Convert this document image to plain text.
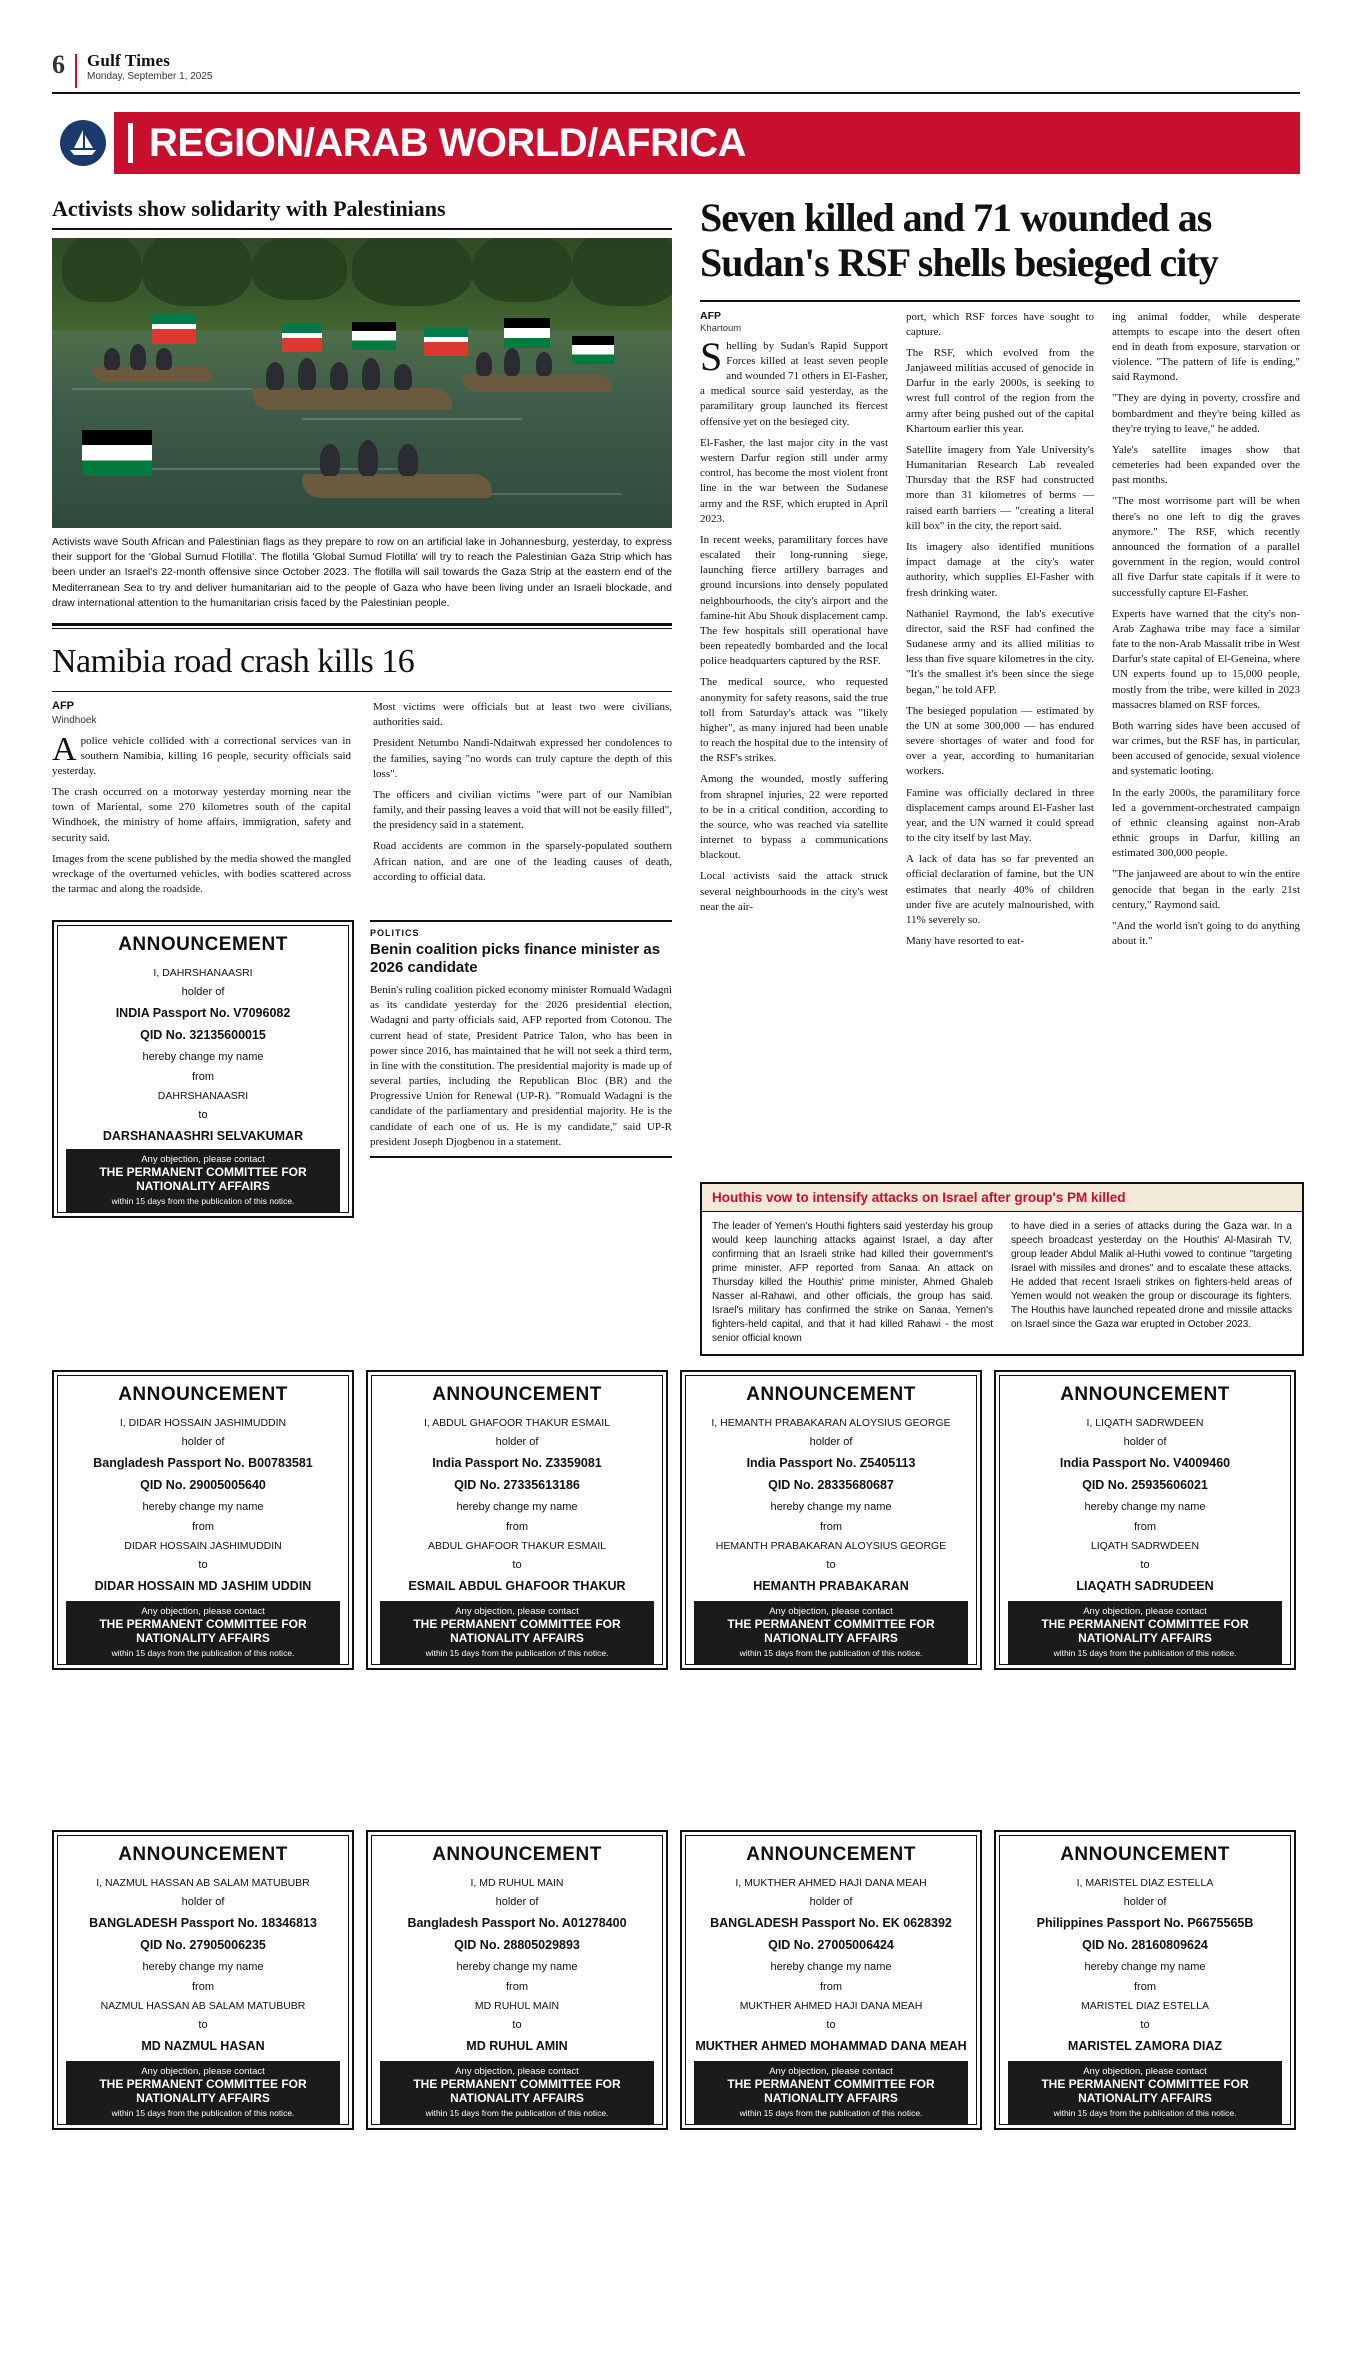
6 Gulf Times
Monday, September 1, 2025
REGION/ARAB WORLD/AFRICA
Activists show solidarity with Palestinians
Activists wave South African and Palestinian flags as they prepare to row on an artificial lake in Johannesburg, yesterday, to express their support for the 'Global Sumud Flotilla'. The flotilla 'Global Sumud Flotilla' will try to reach the Palestinian Gaza Strip which has been under an Israel's 22-month offensive since October 2023. The flotilla will sail towards the Gaza Strip at the eastern end of the Mediterranean Sea to try and deliver humanitarian aid to the people of Gaza who have been living under an Israeli blockade, and draw international attention to the humanitarian crisis faced by the Palestinian people.
Namibia road crash kills 16
AFP
Windhoek

Apolice vehicle collided with a correctional services van in southern Namibia, killing 16 people, security officials said yesterday.

The crash occurred on a motorway yesterday morning near the town of Mariental, some 270 kilometres south of the capital Windhoek, the ministry of home affairs, immigration, safety and security said.

Images from the scene published by the media showed the mangled wreckage of the overturned vehicles, with bodies scattered across the tarmac and along the roadside.

Most victims were officials but at least two were civilians, authorities said.

President Netumbo Nandi-Ndaitwah expressed her condolences to the families, saying "no words can truly capture the depth of this loss".

The officers and civilian victims "were part of our Namibian family, and their passing leaves a void that will not be easily filled", the presidency said in a statement.

Road accidents are common in the sparsely-populated southern African nation, and are one of the leading causes of death, according to official data.

ANNOUNCEMENT
I, DAHRSHANAASRI
holder of
INDIA Passport No. V7096082
QID No. 32135600015
hereby change my name
from
DAHRSHANAASRI
to
DARSHANAASHRI SELVAKUMAR
Any objection, please contact
THE PERMANENT COMMITTEE FOR NATIONALITY AFFAIRS
within 15 days from the publication of this notice.
POLITICS
Benin coalition picks finance minister as 2026 candidate

Benin's ruling coalition picked economy minister Romuald Wadagni as its candidate yesterday for the 2026 presidential election, Wadagni and party officials said, AFP reported from Cotonou. The current head of state, President Patrice Talon, who has been in power since 2016, has maintained that he will not seek a third term, in line with the constitution. The presidential majority is made up of several parties, including the Republican Bloc (BR) and the Progressive Union for Renewal (UP-R). "Romuald Wadagni is the candidate of the parliamentary and presidential majority. He is the candidate of each one of us. He is my candidate," said UP-R president Joseph Djogbenou in a statement.

Seven killed and 71 wounded as Sudan's RSF shells besieged city
AFP
Khartoum

Shelling by Sudan's Rapid Support Forces killed at least seven people and wounded 71 others in El-Fasher, a medical source said yesterday, as the paramilitary group launched its fiercest offensive yet on the besieged city.

El-Fasher, the last major city in the vast western Darfur region still under army control, has become the most violent front line in the war between the Sudanese army and the RSF, which erupted in April 2023.

In recent weeks, paramilitary forces have escalated their long-running siege, launching fierce artillery barrages and ground incursions into densely populated neighbourhoods, the city's airport and the famine-hit Abu Shouk displacement camp. The few hospitals still operational have been repeatedly bombarded and the local police headquarters captured by the RSF.

The medical source, who requested anonymity for safety reasons, said the true toll from Saturday's attack was "likely higher", as many injured had been unable to reach the hospital due to the intensity of the RSF's strikes.

Among the wounded, mostly suffering from shrapnel injuries, 22 were reported to be in a critical condition, according to the source, who was reached via satellite internet to bypass a communications blackout.

Local activists said the attack struck several neighbourhoods in the city's west near the air-

port, which RSF forces have sought to capture.

The RSF, which evolved from the Janjaweed militias accused of genocide in Darfur in the early 2000s, is seeking to wrest full control of the region from the army after being pushed out of the capital Khartoum earlier this year.

Satellite imagery from Yale University's Humanitarian Research Lab revealed Thursday that the RSF had constructed more than 31 kilometres of berms — raised earth barriers — "creating a literal kill box" in the city, the report said.

Its imagery also identified munitions impact damage at the city's water authority, which supplies El-Fasher with fresh drinking water.

Nathaniel Raymond, the lab's executive director, said the RSF had confined the Sudanese army and its allied militias to less than five square kilometres in the city. "It's the smallest it's been since the siege began," he told AFP.

The besieged population — estimated by the UN at some 300,000 — has endured severe shortages of water and food for over a year, according to humanitarian workers.

Famine was officially declared in three displacement camps around El-Fasher last year, and the UN warned it could spread to the city itself by last May.

A lack of data has so far prevented an official declaration of famine, but the UN estimates that nearly 40% of children under five are acutely malnourished, with 11% severely so.

Many have resorted to eat-

ing animal fodder, while desperate attempts to escape into the desert often end in death from exposure, starvation or violence. "The pattern of life is ending," said Raymond.

"They are dying in poverty, crossfire and bombardment and they're being killed as they're trying to leave," he added.

Yale's satellite images show that cemeteries had been expanded over the past months.

"The most worrisome part will be when there's no one left to dig the graves anymore." The RSF, which recently announced the formation of a parallel government in the region, would control all five Darfur state capitals if it were to successfully capture El-Fasher.

Experts have warned that the city's non-Arab Zaghawa tribe may face a similar fate to the non-Arab Massalit tribe in West Darfur's state capital of El-Geneina, where UN experts found up to 15,000 people, mostly from the tribe, were killed in 2023 massacres blamed on RSF forces.

Both warring sides have been accused of war crimes, but the RSF has, in particular, been accused of genocide, sexual violence and systematic looting.

In the early 2000s, the paramilitary force led a government-orchestrated campaign of ethnic cleansing against non-Arab ethnic groups in Darfur, killing an estimated 300,000 people.

"The janjaweed are about to win the entire genocide that began in the early 21st century," Raymond said.

"And the world isn't going to do anything about it."

Houthis vow to intensify attacks on Israel after group's PM killed

The leader of Yemen's Houthi fighters said yesterday his group would keep launching attacks against Israel, a day after confirming that an Israeli strike had killed their government's prime minister. AFP reported from Sanaa. An attack on Thursday killed the Houthis' prime minister, Ahmed Ghaleb Nasser al-Rahawi, and other officials, the group has said. Israel's military has confirmed the strike on Sanaa, Yemen's fighters-held capital, and that it had killed Rahawi - the most senior official known

to have died in a series of attacks during the Gaza war. In a speech broadcast yesterday on the Houthis' Al-Masirah TV, group leader Abdul Malik al-Huthi vowed to continue "targeting Israel with missiles and drones" and to escalate these attacks. He added that recent Israeli strikes on fighters-held areas of Yemen would not weaken the group or discourage its fighters. The Houthis have launched repeated drone and missile attacks on Israel since the Gaza war erupted in October 2023.

ANNOUNCEMENT
I, DIDAR HOSSAIN JASHIMUDDIN
holder of
Bangladesh Passport No. B00783581
QID No. 29005005640
hereby change my name
from
DIDAR HOSSAIN JASHIMUDDIN
to
DIDAR HOSSAIN MD JASHIM UDDIN
Any objection, please contact
THE PERMANENT COMMITTEE FOR NATIONALITY AFFAIRS
within 15 days from the publication of this notice.
ANNOUNCEMENT
I, ABDUL GHAFOOR THAKUR ESMAIL
holder of
India Passport No. Z3359081
QID No. 27335613186
hereby change my name
from
ABDUL GHAFOOR THAKUR ESMAIL
to
ESMAIL ABDUL GHAFOOR THAKUR
Any objection, please contact
THE PERMANENT COMMITTEE FOR NATIONALITY AFFAIRS
within 15 days from the publication of this notice.
ANNOUNCEMENT
I, HEMANTH PRABAKARAN ALOYSIUS GEORGE
holder of
India Passport No. Z5405113
QID No. 28335680687
hereby change my name
from
HEMANTH PRABAKARAN ALOYSIUS GEORGE
to
HEMANTH PRABAKARAN
Any objection, please contact
THE PERMANENT COMMITTEE FOR NATIONALITY AFFAIRS
within 15 days from the publication of this notice.
ANNOUNCEMENT
I, LIQATH SADRWDEEN
holder of
India Passport No. V4009460
QID No. 25935606021
hereby change my name
from
LIQATH SADRWDEEN
to
LIAQATH SADRUDEEN
Any objection, please contact
THE PERMANENT COMMITTEE FOR NATIONALITY AFFAIRS
within 15 days from the publication of this notice.
ANNOUNCEMENT
I, NAZMUL HASSAN AB SALAM MATUBUBR
holder of
BANGLADESH Passport No. 18346813
QID No. 27905006235
hereby change my name
from
NAZMUL HASSAN AB SALAM MATUBUBR
to
MD NAZMUL HASAN
Any objection, please contact
THE PERMANENT COMMITTEE FOR NATIONALITY AFFAIRS
within 15 days from the publication of this notice.
ANNOUNCEMENT
I, MD RUHUL MAIN
holder of
Bangladesh Passport No. A01278400
QID No. 28805029893
hereby change my name
from
MD RUHUL MAIN
to
MD RUHUL AMIN
Any objection, please contact
THE PERMANENT COMMITTEE FOR NATIONALITY AFFAIRS
within 15 days from the publication of this notice.
ANNOUNCEMENT
I, MUKTHER AHMED HAJI DANA MEAH
holder of
BANGLADESH Passport No. EK 0628392
QID No. 27005006424
hereby change my name
from
MUKTHER AHMED HAJI DANA MEAH
to
MUKTHER AHMED MOHAMMAD DANA MEAH
Any objection, please contact
THE PERMANENT COMMITTEE FOR NATIONALITY AFFAIRS
within 15 days from the publication of this notice.
ANNOUNCEMENT
I, MARISTEL DIAZ ESTELLA
holder of
Philippines Passport No. P6675565B
QID No. 28160809624
hereby change my name
from
MARISTEL DIAZ ESTELLA
to
MARISTEL ZAMORA DIAZ
Any objection, please contact
THE PERMANENT COMMITTEE FOR NATIONALITY AFFAIRS
within 15 days from the publication of this notice.
